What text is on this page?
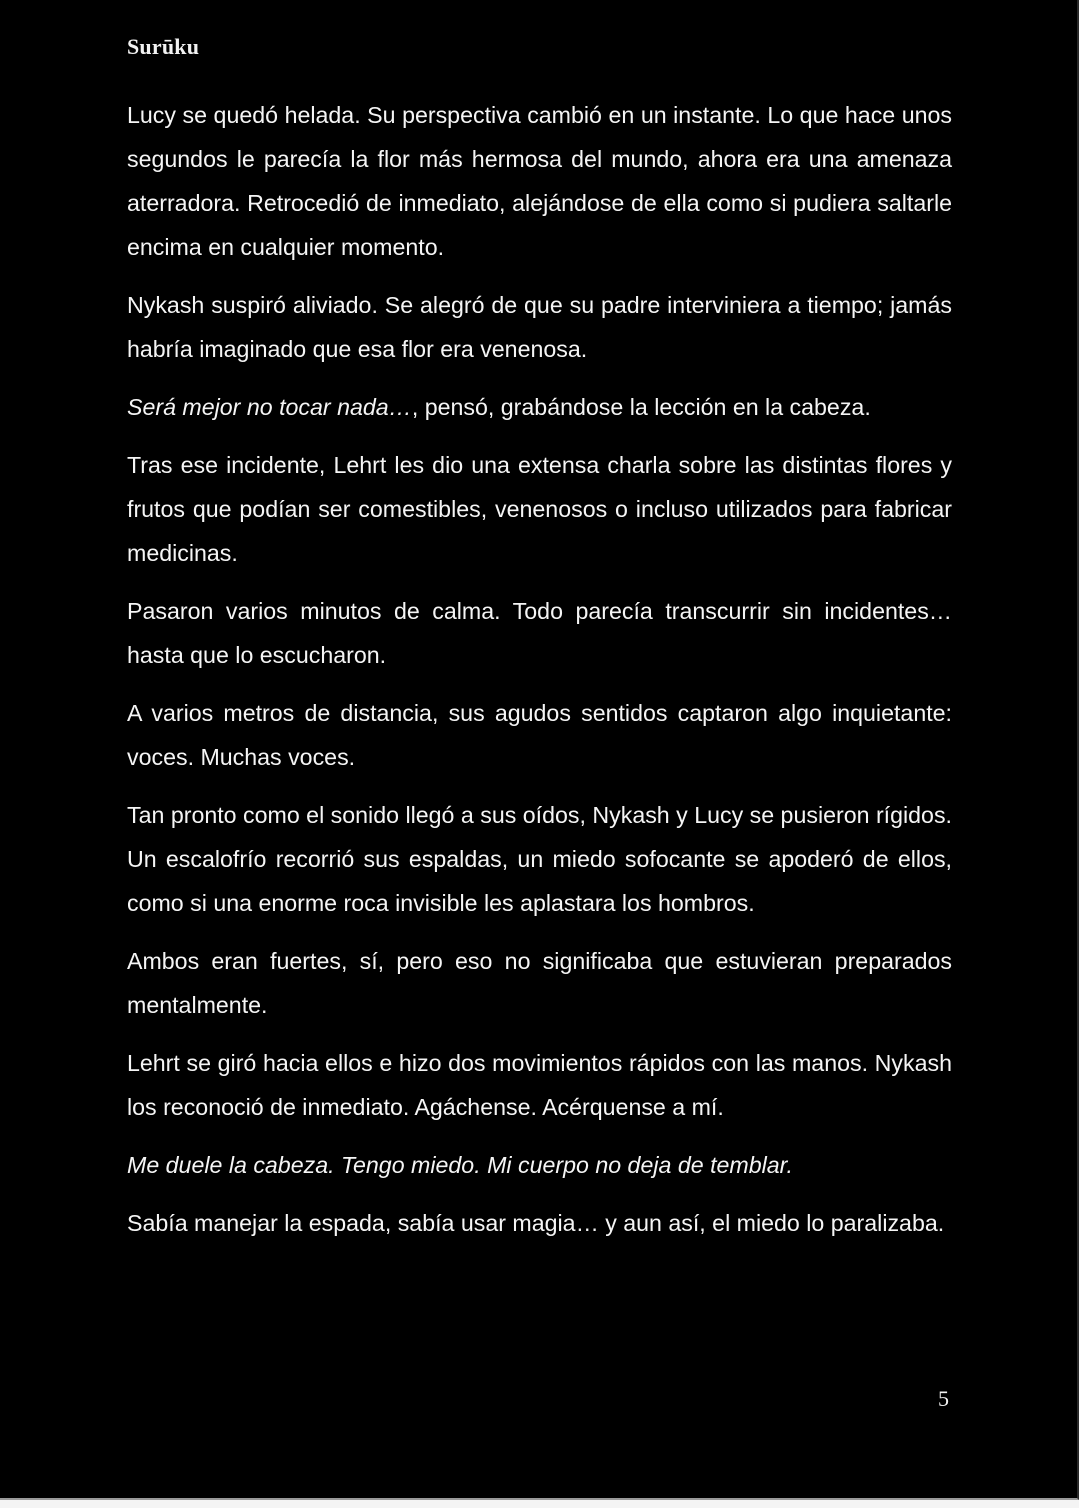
Surūku

Lucy se quedó helada. Su perspectiva cambió en un instante. Lo que hace unos segundos le parecía la flor más hermosa del mundo, ahora era una amenaza aterradora. Retrocedió de inmediato, alejándose de ella como si pudiera saltarle encima en cualquier momento.

Nykash suspiró aliviado. Se alegró de que su padre interviniera a tiempo; jamás habría imaginado que esa flor era venenosa.

Será mejor no tocar nada…, pensó, grabándose la lección en la cabeza.

Tras ese incidente, Lehrt les dio una extensa charla sobre las distintas flores y frutos que podían ser comestibles, venenosos o incluso utilizados para fabricar medicinas.

Pasaron varios minutos de calma. Todo parecía transcurrir sin incidentes… hasta que lo escucharon.

A varios metros de distancia, sus agudos sentidos captaron algo inquietante: voces. Muchas voces.

Tan pronto como el sonido llegó a sus oídos, Nykash y Lucy se pusieron rígidos. Un escalofrío recorrió sus espaldas, un miedo sofocante se apoderó de ellos, como si una enorme roca invisible les aplastara los hombros.

Ambos eran fuertes, sí, pero eso no significaba que estuvieran preparados mentalmente.

Lehrt se giró hacia ellos e hizo dos movimientos rápidos con las manos. Nykash los reconoció de inmediato. Agáchense. Acérquense a mí.

Me duele la cabeza. Tengo miedo. Mi cuerpo no deja de temblar.

Sabía manejar la espada, sabía usar magia… y aun así, el miedo lo paralizaba.

5
